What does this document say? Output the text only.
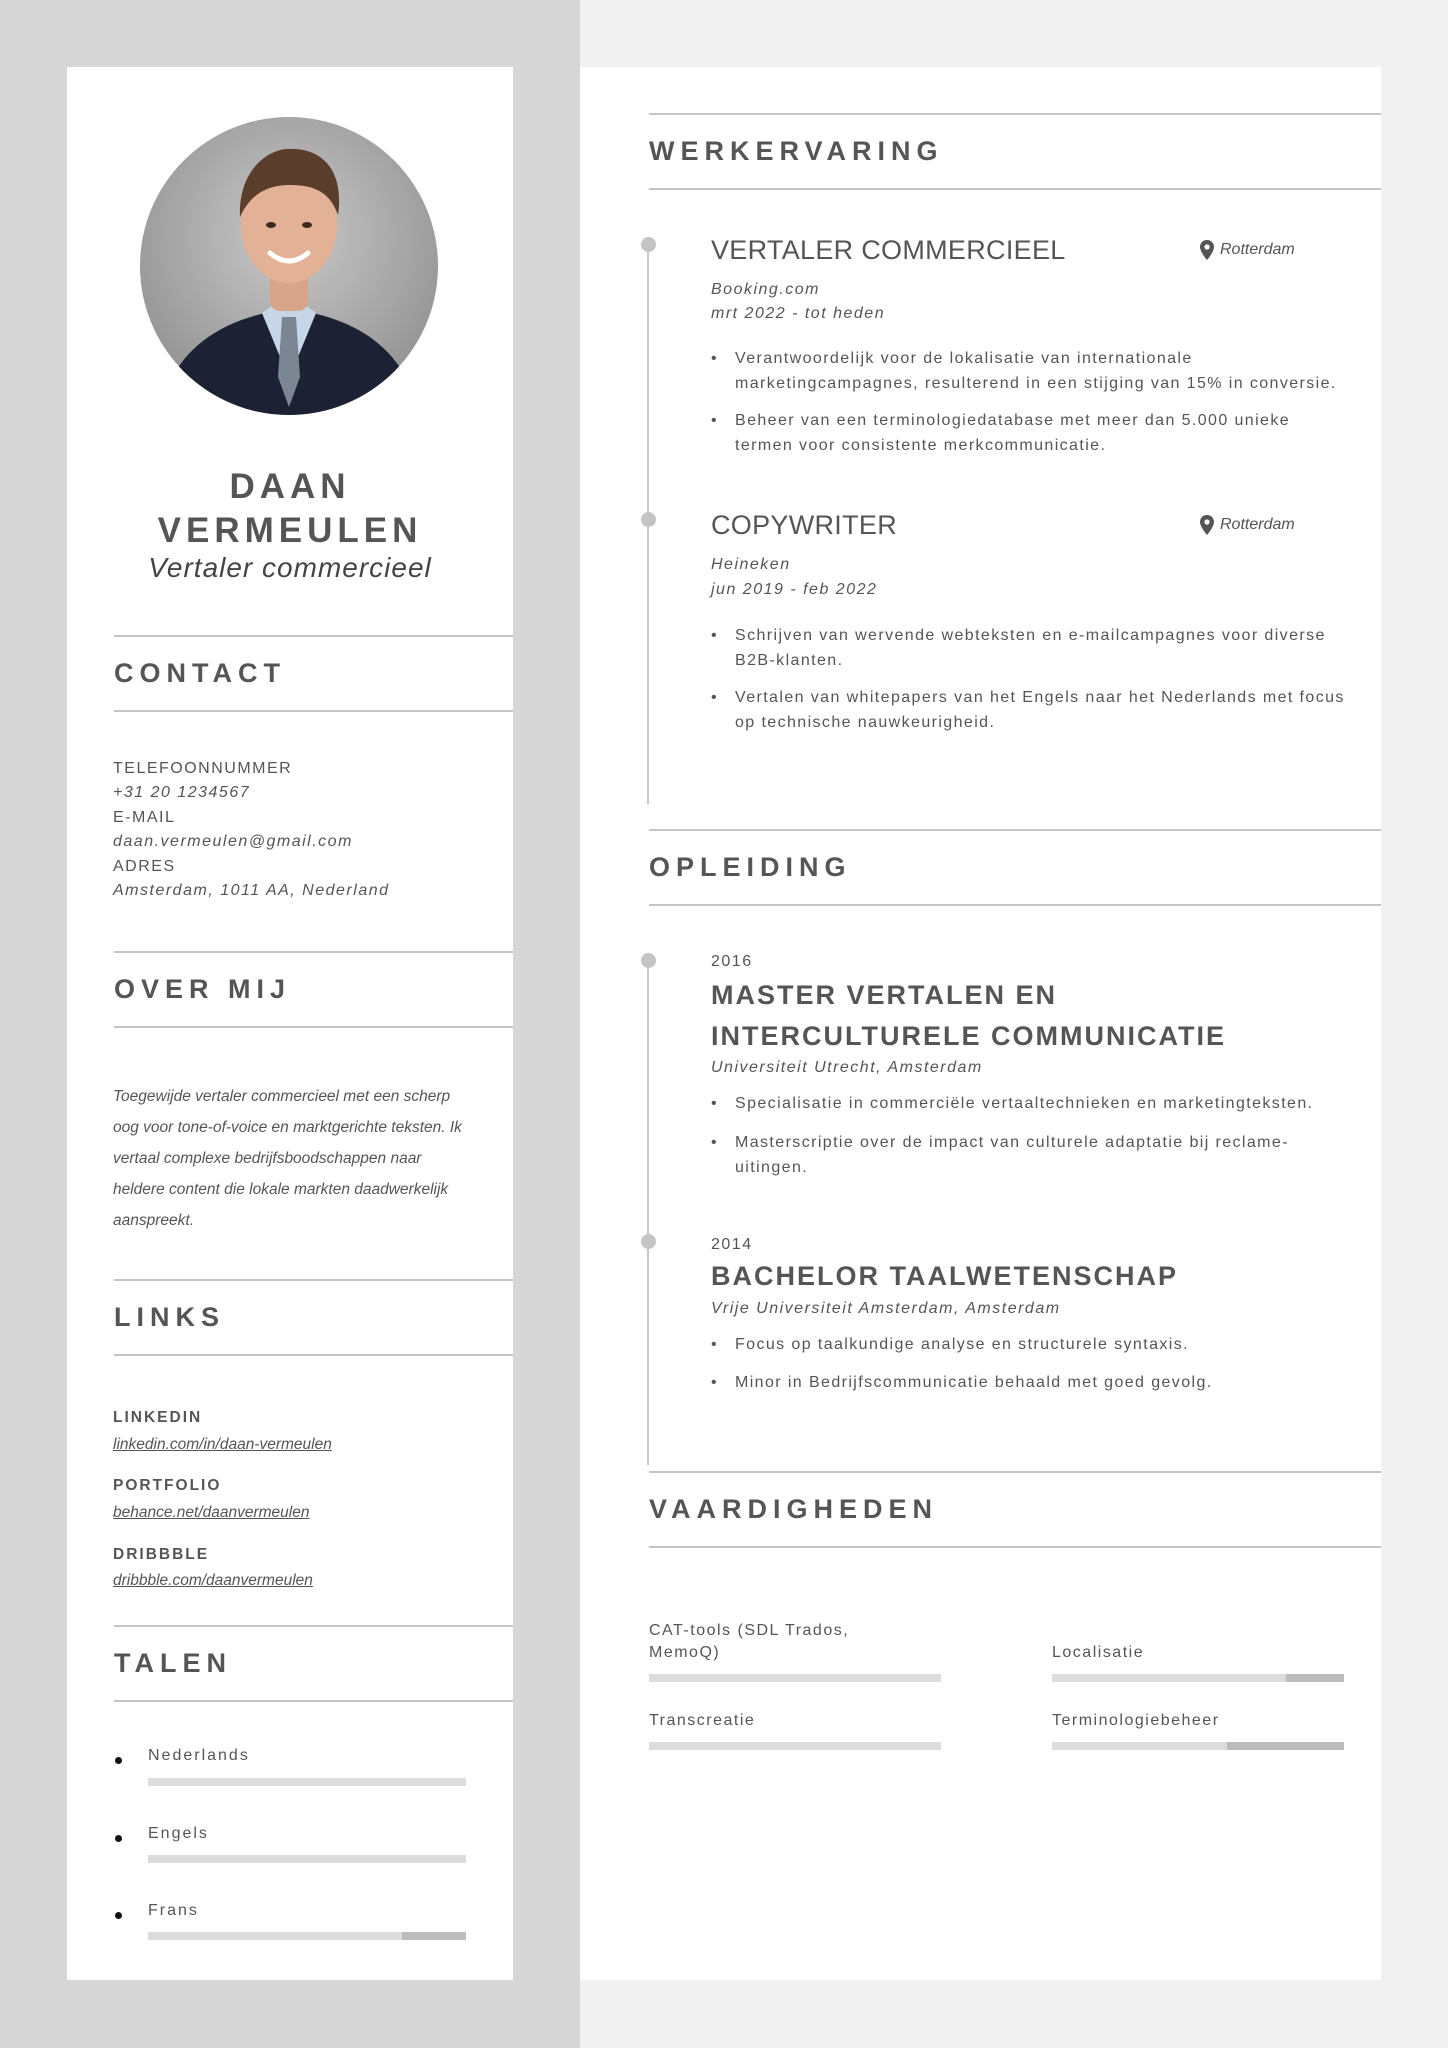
DAAN
VERMEULEN
Vertaler commercieel
CONTACT
TELEFOONNUMMER
+31 20 1234567
E-MAIL
daan.vermeulen@gmail.com
ADRES
Amsterdam, 1011 AA, Nederland
OVER MIJ
Toegewijde vertaler commercieel met een scherp oog voor tone-of-voice en marktgerichte teksten. Ik vertaal complexe bedrijfsboodschappen naar heldere content die lokale markten daadwerkelijk aanspreekt.
LINKS
LINKEDIN
linkedin.com/in/daan-vermeulen
PORTFOLIO
behance.net/daanvermeulen
DRIBBBLE
dribbble.com/daanvermeulen
TALEN
Nederlands
Engels
Frans
WERKERVARING
VERTALER COMMERCIEEL	Rotterdam
Booking.com
mrt 2022 - tot heden
• Verantwoordelijk voor de lokalisatie van internationale marketingcampagnes, resulterend in een stijging van 15% in conversie.
• Beheer van een terminologiedatabase met meer dan 5.000 unieke termen voor consistente merkcommunicatie.
COPYWRITER	Rotterdam
Heineken
jun 2019 - feb 2022
• Schrijven van wervende webteksten en e-mailcampagnes voor diverse B2B-klanten.
• Vertalen van whitepapers van het Engels naar het Nederlands met focus op technische nauwkeurigheid.
OPLEIDING
2016
MASTER VERTALEN EN INTERCULTURELE COMMUNICATIE
Universiteit Utrecht, Amsterdam
• Specialisatie in commerciële vertaaltechnieken en marketingteksten.
• Masterscriptie over de impact van culturele adaptatie bij reclame-uitingen.
2014
BACHELOR TAALWETENSCHAP
Vrije Universiteit Amsterdam, Amsterdam
• Focus op taalkundige analyse en structurele syntaxis.
• Minor in Bedrijfscommunicatie behaald met goed gevolg.
VAARDIGHEDEN
CAT-tools (SDL Trados, MemoQ)	Localisatie
Transcreatie	Terminologiebeheer
